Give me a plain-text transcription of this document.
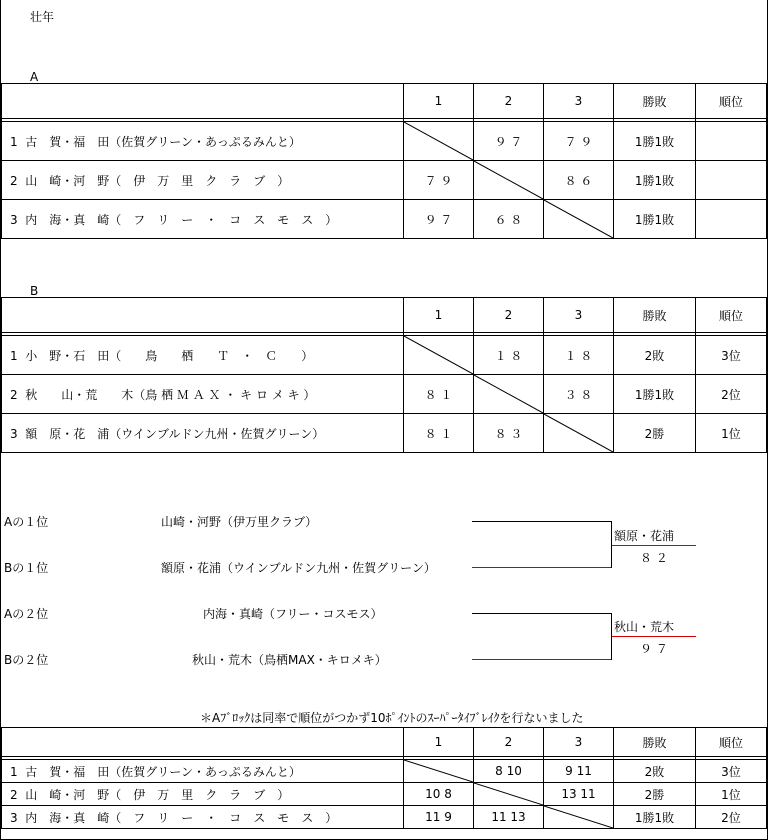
壮年
A
	1	2	3	勝敗	順位

1 古　賀・福　田（佐賀グリーン・あっぷるみんと）		９ ７	７ ９	1勝1敗	
2 山　崎・河　野（　伊　万　里　ク　ラ　ブ　）	７ ９		８ ６	1勝1敗	
3 内　海・真　崎（　フ　リ　ー　・　コ　ス　モ　ス　）	９ ７	６ ８		1勝1敗	
B
	1	2	3	勝敗	順位

1 小　野・石　田（　　鳥　　栖　　Ｔ　・　Ｃ　　）		１ ８	１ ８	2敗	3位
2 秋　　山・荒　　木（鳥 栖 Ｍ Ａ Ｘ ・ キ ロ メ キ ）	８ １		３ ８	1勝1敗	2位
3 額　原・花　浦（ウインブルドン九州・佐賀グリーン）	８ １	８ ３		2勝	1位
Aの１位	山崎・河野（伊万里クラブ）
Bの１位	額原・花浦（ウインブルドン九州・佐賀グリーン）
額原・花浦
８ ２
Aの２位	内海・真崎（フリー・コスモス）
Bの２位	秋山・荒木（鳥栖MAX・キロメキ）
秋山・荒木
９ ７
＊Aﾌﾞﾛｯｸは同率で順位がつかず10ﾎﾟｲﾝﾄのｽｰﾊﾟｰﾀｲﾌﾞﾚｲｸを行ないました
	1	2	3	勝敗	順位

1 古　賀・福　田（佐賀グリーン・あっぷるみんと）		8 10	9 11	2敗	3位
2 山　崎・河　野（　伊　万　里　ク　ラ　ブ　）	10 8		13 11	2勝	1位
3 内　海・真　崎（　フ　リ　ー　・　コ　ス　モ　ス　）	11 9	11 13		1勝1敗	2位
